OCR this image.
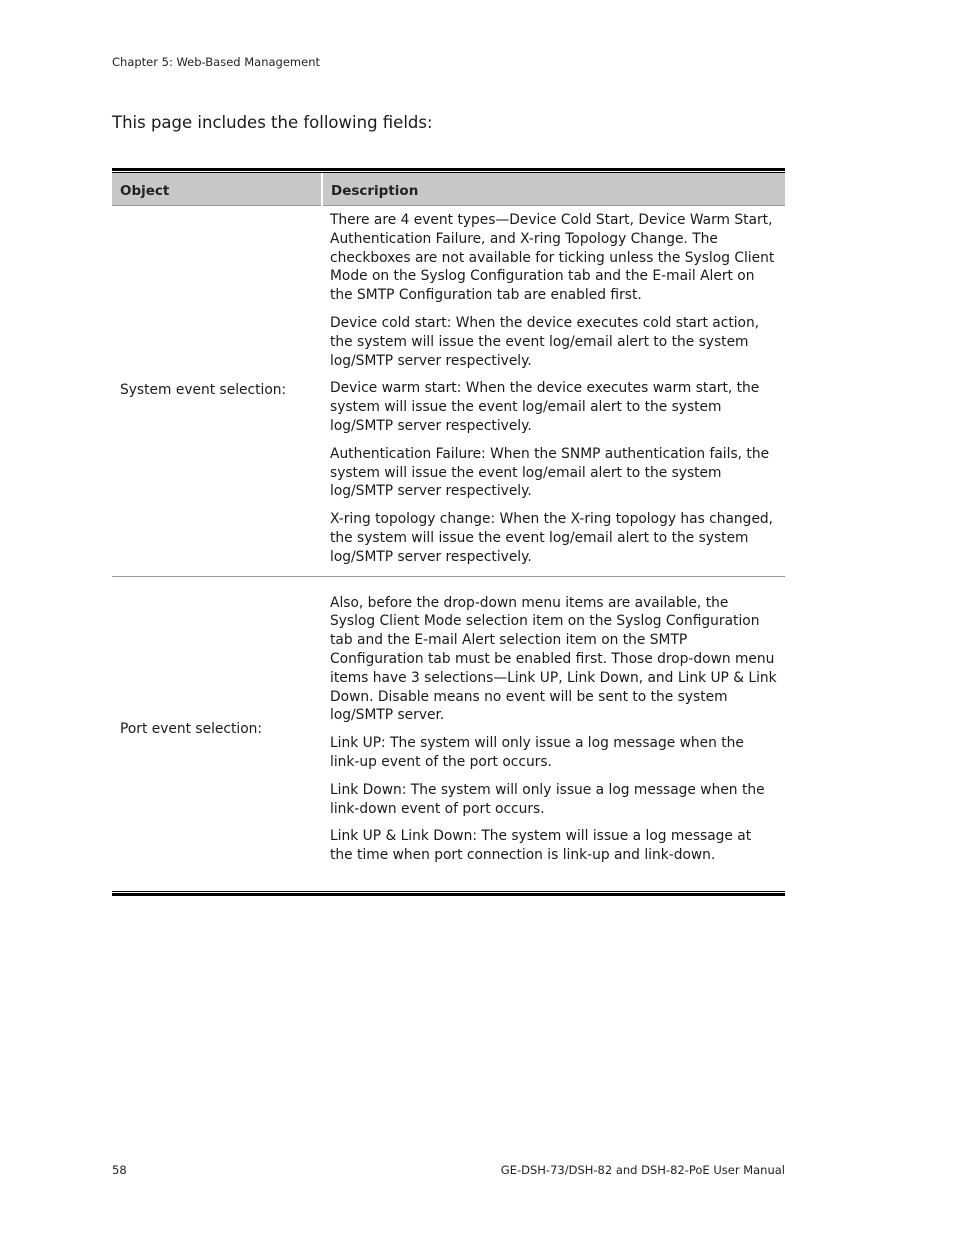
Chapter 5: Web-Based Management
This page includes the following fields:
Object	Description
System event selection:	There are 4 event types—Device Cold Start, Device Warm Start, Authentication Failure, and X-ring Topology Change. The checkboxes are not available for ticking unless the Syslog Client Mode on the Syslog Configuration tab and the E-mail Alert on the SMTP Configuration tab are enabled first.

Device cold start: When the device executes cold start action, the system will issue the event log/email alert to the system log/SMTP server respectively.

Device warm start: When the device executes warm start, the system will issue the event log/email alert to the system log/SMTP server respectively.

Authentication Failure: When the SNMP authentication fails, the system will issue the event log/email alert to the system log/SMTP server respectively.

X-ring topology change: When the X-ring topology has changed, the system will issue the event log/email alert to the system log/SMTP server respectively.

Port event selection:	Also, before the drop-down menu items are available, the Syslog Client Mode selection item on the Syslog Configuration tab and the E-mail Alert selection item on the SMTP Configuration tab must be enabled first. Those drop-down menu items have 3 selections—Link UP, Link Down, and Link UP & Link Down. Disable means no event will be sent to the system log/SMTP server.

Link UP: The system will only issue a log message when the link-up event of the port occurs.

Link Down: The system will only issue a log message when the link-down event of port occurs.

Link UP & Link Down: The system will issue a log message at the time when port connection is link-up and link-down.

58	GE-DSH-73/DSH-82 and DSH-82-PoE User Manual
